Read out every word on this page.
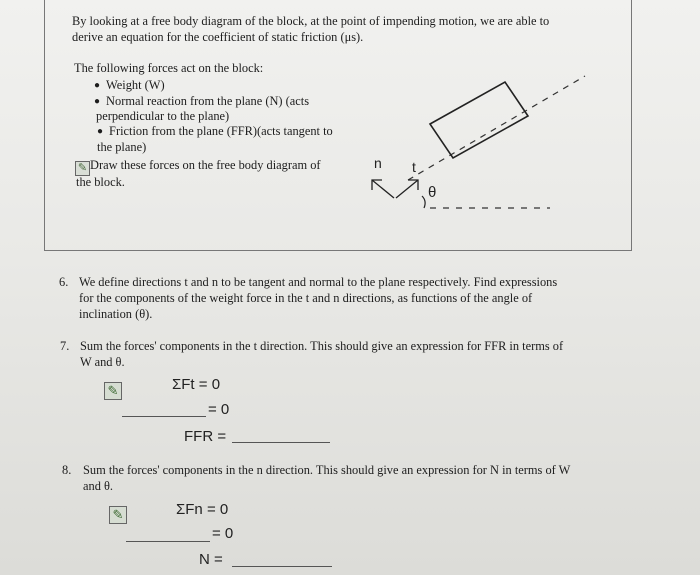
By looking at a free body diagram of the block, at the point of impending motion, we are able to
derive an equation for the coefficient of static friction (μs).
The following forces act on the block:
● Weight (W)
● Normal reaction from the plane (N) (acts
perpendicular to the plane)
● Friction from the plane (FFR)(acts tangent to
the plane)
✎ Draw these forces on the free body diagram of
the block.
n t
θ
6. We define directions t and n to be tangent and normal to the plane respectively. Find expressions
for the components of the weight force in the t and n directions, as functions of the angle of
inclination (θ).
7. Sum the forces' components in the t direction. This should give an expression for FFR in terms of
W and θ.
✎	ΣFt = 0
= 0
FFR =
8. Sum the forces' components in the n direction. This should give an expression for N in terms of W
and θ.
✎	ΣFn = 0
= 0
N =
